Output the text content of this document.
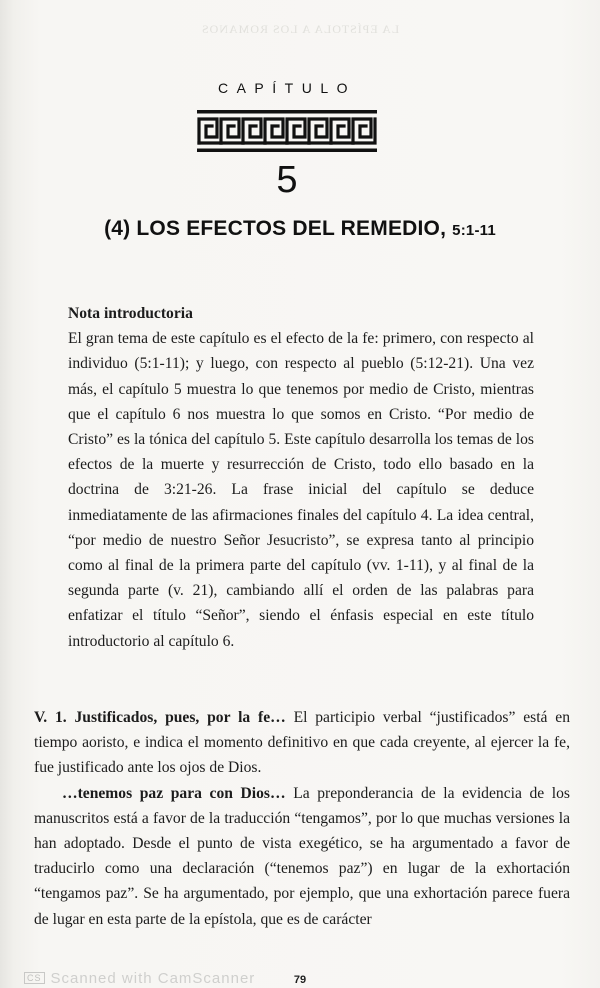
LA EPÍSTOLA A LOS ROMANOS
CAPÍTULO
5
(4) LOS EFECTOS DEL REMEDIO, 5:1-11
Nota introductoria
El gran tema de este capítulo es el efecto de la fe: primero, con respecto al individuo (5:1-11); y luego, con respecto al pueblo (5:12-21). Una vez más, el capítulo 5 muestra lo que tenemos por medio de Cristo, mientras que el capítulo 6 nos muestra lo que somos en Cristo. “Por medio de Cristo” es la tónica del capítulo 5. Este capítulo desarrolla los temas de los efectos de la muerte y resurrección de Cristo, todo ello basado en la doctrina de 3:21-26. La frase inicial del capítulo se deduce inmediatamente de las afirmaciones finales del capítulo 4. La idea central, “por medio de nuestro Señor Jesucristo”, se expresa tanto al principio como al final de la primera parte del capítulo (vv. 1-11), y al final de la segunda parte (v. 21), cambiando allí el orden de las palabras para enfatizar el título “Señor”, siendo el énfasis especial en este título introductorio al capítulo 6.

V. 1. Justificados, pues, por la fe… El participio verbal “justificados” está en tiempo aoristo, e indica el momento definitivo en que cada creyente, al ejercer la fe, fue justificado ante los ojos de Dios.

…tenemos paz para con Dios… La preponderancia de la evidencia de los manuscritos está a favor de la traducción “tengamos”, por lo que muchas versiones la han adoptado. Desde el punto de vista exegético, se ha argumentado a favor de traducirlo como una declaración (“tenemos paz”) en lugar de la exhortación “tengamos paz”. Se ha argumentado, por ejemplo, que una exhortación parece fuera de lugar en esta parte de la epístola, que es de carácter

CS Scanned with CamScanner	79
